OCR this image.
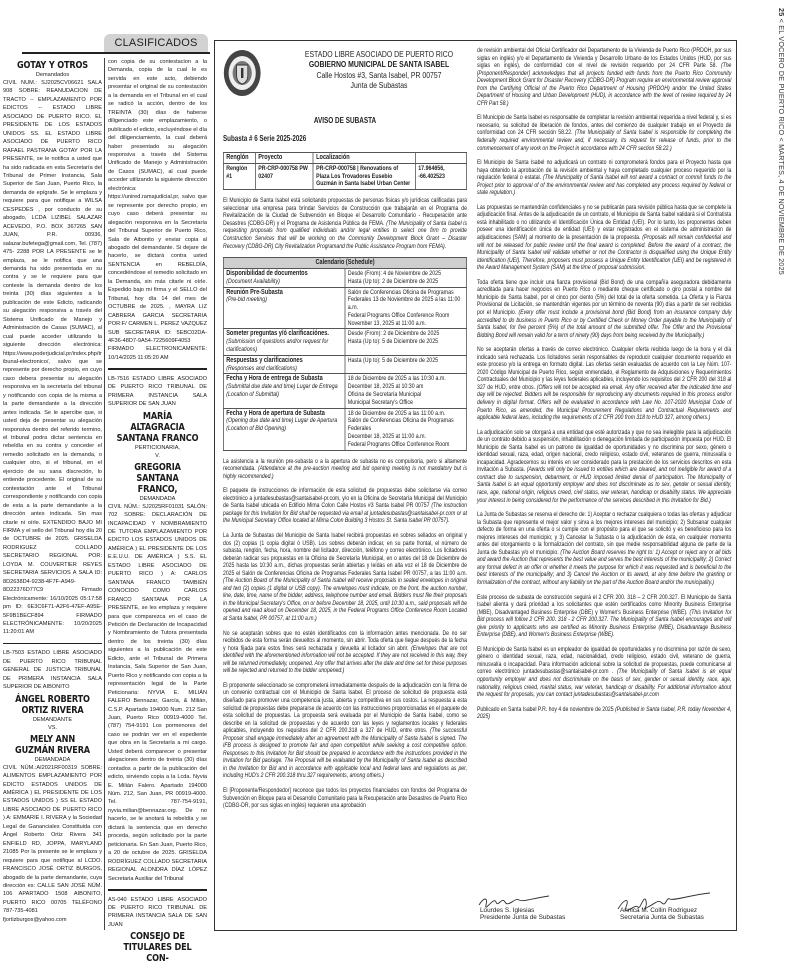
25 < EL VOCERO DE PUERTO RICO < MARTES, 4 DE NOVIEMBRE DE 2025
CLASIFICADOS

GOTAY Y OTROS

Demandados

CIVIL NUM.: SJ2025CV06621 SALA 908 SOBRE: REANUDACION DE TRACTO -- EMPLAZAMIENTO POR EDICTOS -- ESTADO LIBRE ASOCIADO DE PUERTO RICO. EL PRESIDENTE DE LOS ESTADOS UNIDOS SS. EL ESTADO LIBRE ASOCIADO DE PUERTO RICO RAFAEL PASTRANA GOTAY POR LA PRESENTE, se le notifica a usted que ha sido radicada en esta Secretaría del Tribunal de Primer Instancia, Sala Superior de San Juan, Puerto Rico, la demanda de epígrafe. Se le emplaza y requiere para que notifique a WILSA CESPEDES , por conducto de su abogado, LCDA LIZIBEL SALAZAR ACEVEDO, P.O. BOX 367265 SAN JUAN, P.R. 00936, salazar.bufetega@gmail.com, Tel. (787) 475- 2288 POR LA PRESENTE se le emplaza, se le notifica que una demanda ha sido presentada en su contra y se le requiere para que conteste la demanda dentro de los treinta (30) días siguientes a la publicación de este Edicto, radicando su alegación responsiva a través del Sistema Unificado de Manejo y Administración de Casas (SUMAC), al cual puede acceder utilizando la siguiente dirección electrónica: https://www.poderjudicial.pr/index.php/tribunal-electronico/, salvo que se represente por derecho propio, en cuyo caso debera presentar su alegación responsiva en la secretaría del tribunal y notificando con copia de la misma a la parte demandante a la dirección antes indicada. Se le apercibe que, si usted deja de presentar su alegación responsiva dentro del referido termino, el tribunal podra dictar sentencia en rebeldía en su contra y conceder el remedio solicitado en la demanda, o cualquier otro, si el tribunal, en el ejercicio de su sana discreción, lo entiende procedente. El original de su contestación ante el Tribunal correspondiente y notificando con copia de esta a la parte demandante a la dirección antes indicada. Sin mas citarle ni oírle. EXTENDIDO BAJO MI FIRMA y el sello del Tribunal hoy día 20 de OCTUBRE de 2025. GRISELDA RODRIGUEZ COLLADO SECRETARIO REGIONAL POR: LOYDA M. COUVERTIER REYES SECRETARIA SERVICIOS A SALA ID: 8D2638D4-9238-4F7F-A949-8D22376D77C9 Firmado Electrónicamente: 16/10/2025 05:17:58 pm ID: 6E3C6F71-A2F6-47EF-A95E-5F9B1BECF894 FIRMADO ELECTRÓNICAMENTE: 10/20/2025 11:20:01 AM

LB-7503 ESTADO LIBRE ASOCIADO DE PUERTO RICO TRIBUNAL GENERAL DE JUSTICIA TRIBUNAL DE PRIMERA INSTANCIA SALA SUPERIOR DE AIBONITO

ÁNGEL ROBERTO ORTIZ RIVERA

DEMANDANTE

VS.

MELY ANN GUZMÁN RIVERA

DEMANDADA

CIVIL NÚM.:AI2021RF00319 SOBRE: ALIMENTOS EMPLAZAMIENTO POR EDICTO ESTADOS UNIDOS DE AMÉRICA ) EL PRESIDENTE DE LOS ESTADOS UNIDOS ) SS EL ESTADO LIBRE ASOCIADO DE PUERTO RICO ) A: EMMARIE I. RIVERA y la Sociedad Legal de Gananciales Constituida con Ángel Roberto Ortiz Rivera 341 ENFIELD RD, JOPPA, MARYLAND 21085 Por la presente se le emplaza y requiere para que notifique al LCDO. FRANCISCO JOSÉ ORTIZ BURGOS, abogado de la parte demandante, cuya dirección es: CALLE SAN JOSÉ NÚM. 106 APARTADO 1508 AIBONITO, PUERTO RICO 00705 TELÉFONO 787-735-4081 fjortizburgos@yahoo.com

con copia de su contestacion a la Demanda, copia de la cual le es servida en este acto, debiendo presentar el original de su contestación a la demanda en el Tribunal en el cual se radicó la acción, dentro de los TREINTA (30) días de haberse diligenciado este emplazamiento, o publicado el edicto, excluyéndose el día del diligenciamiento, la cual deberá haber presentado su alegación responsiva a través del Sistema Unificado de Manejo y Administración de Casos (SUMAC), al cual puede acceder utilizando la siguiente dirección electrónica: https://unired.ramajudicial.pr, salvo que se represente por derecho propio, en cuyo caso deberá presentar su alegación responsiva en la Secretaría del Tribunal Superior de Puerto Rico, Sala de Aibonito y enviar copia al abogado del demandante. Si dejare de hacerlo, se dictará contra usted SENTENCIA en REBELDÍA, concediéndose el remedio solicitado en la Demanda, sin más citarle ni oírle. Expedido bajo mi firma y el SELLO del Tribunal, hoy día 14 del mes de OCTUBRE de 2025. , MAYRA LIZ CABRERA GARCIA SECRETARIA POR:F/ CARMEN L. PEREZ VAZQUEZ SUB SECRETARIA ID: 5EBC02DA-4F36-48D7-9A54-7225609F4053 FIRMADO ELECTRONICAMENTE: 10/14/2025 11:05:20 AM

LB-7516 ESTADO LIBRE ASOCIADO DE PUERTO RICO TRIBUNAL DE PRIMERA INSTANCIA SALA SUPERIOR DE SAN JUAN

MARÍA ALTAGRACIA SANTANA FRANCO

PERTICIONARIA,

V.

GREGORIA SANTANA FRANCO,

DEMANDADA

CIVIL NÚM.: SJ2025RF01031 SALÓN: 702 SOBRE: DECLARACIÓN DE INCAPACIDAD Y NOMBRAMIENTO DE TUTORA EMPLAZAMIENTO POR EDICTO LOS ESTADOS UNIDOS DE AMÉRICA ) EL PRESIDENTE DE LOS E.E.U.U. DE AMÉRICA ) S.S. EL ESTADO LIBRE ASOCIADO DE PUERTO RICO ) A: CARLOS SANTANA FRANCO TAMBIÉN CONOCIDO COMO CARLOS FRANCO SANTANA POR LA PRESENTE, se les emplaza y requiere para que comparezca en el caso de Petición de Declaración de Incapacidad y Nombramiento de Tutora presentada dentro de los treinta (30) días siguientes a la publicación de este Edicto, ante el Tribunal de Primera Instancia, Sala Superior de San Juan, Puerto Rico y notificando con copia a la representación legal de la Parte Peticionaria: NYVIA E. MILIÁN FALERO Bennazar, García, & Milián, C.S.P. Apartado 194000 Num. 212 San Juan, Puerto Rico 00919-4000 Tel. (787) 754-9191 Los pormenores del caso se podrán ver en el expediente que obra en la Secretaría a mi cargo. Usted deberá comparecer o presentar alegaciones dentro de treinta (30) días contados a partir de la publicación del edicto, sirviendo copia a la Lcda. Nyvia E. Milián Falero. Apartado 194000 Núm. 212, San Juan, PR 00919-4000. Tel. 787-754-9191, nyvia.milian@bennazar.org. De no hacerlo, se le anotará la rebeldía y se dictará la sentencia que en derecho proceda, según solicitado por la parte peticionaria. En San Juan, Puerto Rico, a 20 de octubre de 2025. GRISELDA RODRÍGUEZ COLLADO SECRETARIA REGIONAL ALONDRA DÍAZ LÓPEZ Secretaria Auxiliar del Tribunal

AS-040 ESTADO LIBRE ASOCIADO DE PUERTO RICO TRIBUNAL DE PRIMERA INSTANCIA SALA DE SAN JUAN

CONSEJO DE TITULARES DEL CON-

ESTADO LIBRE ASOCIADO DE PUERTO RICO
GOBIERNO MUNICIPAL DE SANTA ISABEL
Calle Hostos #3, Santa Isabel, PR 00757
Junta de Subastas
AVISO DE SUBASTA
Subasta # 6 Serie 2025-2026
Renglón	Proyecto	Localización	
Renglón #1	PR-CRP-000758 PW 02407	PR-CRP-000758 | Renovations of Plaza Los Trovadores Eusebio Guzmán in Santa Isabel Urban Center	17.964656, -66.402523

El Municipio de Santa Isabel está solicitando propuestas de personas físicas y/o jurídicas calificadas para seleccionar una empresa para brindar Servicios de Construcción que trabajarán en el Programa de Revitalización de la Ciudad de Subvención en Bloque el Desarrollo Comunitario - Recuperación ante Desastres (CDBG-DR) y el Programa de Asistencia Pública de FEMA. (The Municipality of Santa Isabel is requesting proposals from qualified individuals and/or legal entities to select one firm to provide Construction Services that will be working on the Community Development Block Grant – Disaster Recovery (CDBG-DR) City Revitalization Programand the Public Assistance Program from FEMA).

Calendario (Schedule)	

Disponibilidad de documentos
(Document Availability)	Desde (From): 4 de Noviembre de 2025
Hasta (Up to): 2 de Diciembre de 2025

Reunión Pre-Subasta
(Pre-bid meeting)	Salón de Conferencias Oficina de Programas Federales 13 de Noviembre de 2025 a las 11:00 a.m.
Federal Programs Office Conference Room November 13, 2025 at 11:00 a.m.

Someter preguntas y/ó clarificaciónes.
(Submission of questions and/or request for clarifications)	Desde (From): 2 de Diciembre de 2025
Hasta (Up to): 5 de Diciembre de 2025

Respuestas y clarificaciones
(Responses and clarifications)	Hasta (Up to): 5 de Diciembre de 2025

Fecha y Hora de entrega de Subasta
(Submittal due date and time) Lugar de Entrega (Location of Submittal)	18 de Diciembre de 2025 a las 10:30 a.m.
December 18, 2025 at 10:30 am
Oficina de Secretaría Municipal
Municipal Secretary's Office

Fecha y Hora de apertura de Subasta
(Opening due date and time) Lugar de Apertura (Location of Bid Opening)	18 de Diciembre de 2025 a las 11:00 a.m.
Salón de Conferencias Oficina de Programas Federales
December 18, 2025 at 11:00 a.m.
Federal Programs Office Conference Room

La asistencia a la reunión pre-subasta o a la apertura de subasta no es compulsoria, pero si altamente recomendada. (Attendance at the pre-auction meeting and bid opening meeting is not mandatory but is highly recommended.)

El paquete de instrucciones de información de esta solicitud de propuestas debe solicitarse vía correo electrónico a juntadesubastas@santaisabel-pr.com, y/o en la Oficina de Secretaría Municipal del Municipio de Santa Isabel ubicada en Edificio Mima Colon Calle Hostos #3 Santa Isabel PR 00757 (The instruction package for this Invitation for Bid shall be requested via email at juntadesubastas@santaisabel-pr.com or at the Municipal Secretary Office located at Mima Colon Building 3 Hostos St. Santa Isabel PR 00757).

La Junta de Subastas del Municipio de Santa Isabel recibirá propuestas en sobres sellados en original y dos (2) copias (1 copia digital ó USB). Los sobres deberán indicar, en su parte frontal, el número de subasta, renglón, fecha, hora, nombre del licitador, dirección, teléfono y correo electrónico. Los licitadores deberán radicar sus propuestas en la Oficina de Secretaría Municipal, en o antes del 18 de Diciembre de 2025 hasta las 10:30 a.m., dichas propuestas serán abiertas y leídas en alta voz el 18 de Diciembre de 2025 el Salón de Conferencias Oficina de Programas Federales Santa Isabel PR 00757, a las 11:00 a.m. (The Auction Board of the Municipality of Santa Isabel will receive proposals in sealed envelopes in original and two (2) copies (1 digital or USB copy). The envelopes must indicate, on the front, the auction number, line, date, time, name of the bidder, address, telephone number and email. Bidders must file their proposals in the Municipal Secretary's Office, on or before December 18, 2025, until 10:30 a.m., said proposals will be opened and read aloud on December 18, 2025, in the Federal Programs Office Conference Room Located at Santa Isabel, PR 00757, at 11:00 a.m.)

No se aceptarán sobres que no estén identificados con la información antes mencionada. De no ser recibidos de esta forma serán devueltos al momento, sin abrir. Toda oferta que llegue después de la fecha y hora fijada para estos fines será rechazada y devuelta al licitador sin abrir. (Envelopes that are not identified with the aforementioned information will not be accepted. If they are not received in this way, they will be returned immediately, unopened. Any offer that arrives after the date and time set for these purposes will be rejected and returned to the bidder unopened.)

El proponente seleccionado se comprometerá inmediatamente después de la adjudicación con la firma de un convenio contractual con el Municipio de Santa Isabel. El proceso de solicitud de propuesta está diseñado para promover una competencia justa, abierta y competitiva en sus costos. La respuesta a esta solicitud de propuestas debe prepararse de acuerdo con las instrucciones proporcionadas en el paquete de esta solicitud de propuestas. La propuesta será evaluada por el Municipio de Santa Isabel, como se describe en la solicitud de propuestas y de acuerdo con las leyes y reglamentos locales y federales aplicables, incluyendo los requisitos del 2 CFR 200.318 a 327 de HUD, entre otros. (The successful Proposer shall engage immediately after an agreement with the Municipality of Santa Isabel is signed. The IFB process is designed to promote fair and open competition while seeking a cost competitive option. Responses to this Invitation for Bid should be prepared in accordance with the instructions provided in the Invitation for Bid package. The Proposal will be evaluated by the Municipality of Santa Isabel as described in the Invitation for Bid and in accordance with applicable local and federal laws and regulations as per, including HUD's 2 CFR 200.318 thru.327 requirements, among others.)

El [Proponente/Respondedor] reconoce que todos los proyectos financiados con fondos del Programa de Subvención en Bloque para el Desarrollo Comunitario para la Recuperación ante Desastres de Puerto Rico (CDBG-DR, por sus siglas en inglés) requieren una aprobación

de revisión ambiental del Oficial Certificador del Departamento de la Vivienda de Puerto Rico (PRDOH, por sus siglas en inglés) y/o el Departamento de Vivienda y Desarrollo Urbano de los Estados Unidos (HUD, por sus siglas en inglés), de conformidad con el nivel de revisión requerido por 24 CFR Parte 58. (The [Proponent/Responder] acknowledges that all projects funded with funds from the Puerto Rico Community Development Block Grant for Disaster Recovery (CDBG-DR) Program require an environmental review approval from the Certifying Official of the Puerto Rico Department of Housing (PRDOH) and/or the United States Department of Housing and Urban Development (HUD), in accordance with the level of review required by 24 CFR Part 58.)

El Municipio de Santa Isabel es responsable de completar la revisión ambiental requerida a nivel federal y, si es necesario, su solicitud de liberación de fondos, antes del comienzo de cualquier trabajo en el Proyecto de conformidad con 24 CFR sección 58.22. (The Municipality of Santa Isabel is responsible for completing the federally required environmental review and, if necessary, its request for release of funds, prior to the commencement of any work on the Project in accordance with 24 CFR section 58.22.)

El Municipio de Santa Isabel no adjudicará un contrato ni comprometerá fondos para el Proyecto hasta que haya obtenido la aprobación de la revisión ambiental y haya completado cualquier proceso requerido por la regulación federal o estatal. (The Municipality of Santa Isabel will not award a contract or commit funds to the Project prior to approval of of the environmental review and has completed any process required by federal or state regulation.)

Las propuestas se mantendrán confidenciales y no se publicarán para revisión pública hasta que se complete la adjudicación final. Antes de la adjudicación de un contrato, el Municipio de Santa Isabel validará si el Contratista está inhabilitado o no utilizando el Identificación Única de Entidad (UEI). Por lo tanto, los proponentes deben poseer una identificación única de entidad (UEI) y estar registrados en el sistema de administración de adjudicaciones (SAM) al momento de la presentación de la propuesta. (Proposals will remain confidential and will not be released for public review until the final award is completed. Before the award of a contract, the Municipality of Santa Isabel will validate whether or not the Contractor is disqualified using the Unique Entity Identification (UEI). Therefore, proposers must possess a Unique Entity Identification (UEI) and be registered in the Award Management System (SAM) at the time of proposal submission.

Toda oferta tiene que incluir una fianza provisional (Bid Bond) de una compañía aseguradora debidamente acreditada para hacer negocios en Puerto Rico o mediante cheque certificado o giro postal a nombre del Municipio de Santa Isabel, por el cinco por ciento (5%) del total de la oferta sometida. La Oferta y la Fianza Provisional de Licitación, se mantendrán vigentes por un término de noventa (90) días a partir de ser recibidas por el Municipio. (Every offer must include a provisional bond (Bid Bond) from an insurance company duly accredited to do business in Puerto Rico or by Certified Check or Money Order payable to the Municipality of Santa Isabel, for five percent (5%) of the total amount of the submitted offer. The Offer and the Provisional Bidding Bond will remain valid for a term of ninety (90) days from being received by the Municipality.)

No se aceptarán ofertas a través de correo electrónico. Cualquier oferta recibida luego de la hora y el día indicado será rechazada. Los licitadores serán responsables de reproducir cualquier documento requerido en este proceso y/o la entrega en formato digital. Las ofertas serán evaluadas de acuerdo con la Ley Núm. 107-2020 Código Municipal de Puerto Rico, según enmendado, el Reglamento de Adquisiciones y Requerimientos Contractuales del Municipio y las leyes federales aplicables, incluyendo los requisitos del 2 CFR 200 del 318 al 327 de HUD, entre otros. (Offers will not be accepted via email. Any offer received after the indicated time and day will be rejected. Bidders will be responsible for reproducing any documents required in this process and/or delivery in digital format. Offers will be evaluated in accordance with Law No. 107-2020 Municipal Code of Puerto Rico, as amended, the Municipal Procurement Regulations and Contractual Requirements and applicable federal laws, including the requirements of 2 CFR 200 from 318 to HUD 327, among others.)

La adjudicación solo se otorgará a una entidad que esté autorizada y que no sea inelegible para la adjudicación de un contrato debido a suspensión, inhabilitación o denegación limitada de participación impuesta por HUD. El Municipio de Santa Isabel es un patrono de igualdad de oportunidades y no discrimina por sexo, género o identidad sexual, raza, edad, origen nacional, credo religioso, estado civil, veteranos de guerra, minusvalía o incapacidad. Agradecemos su interés en ser considerado para la prestación de los servicios descritos en esta Invitación a Subasta. (Awards will only be issued to entities which are cleared, and not ineligible for award of a contract due to suspension, debarment, or HUD imposed limited denial of participation. The Municipality of Santa Isabel is an equal opportunity employer and does not discriminate as to sex, gender or sexual identity, race, age, national origin, religious creed, civil status, war veteran, handicap or disability status. We appreciate your interest in being considered for the performance of the services described in this Invitation for Bid.)

La Junta de Subastas se reserva el derecho de: 1) Aceptar o rechazar cualquiera o todas las ofertas y adjudicar la Subasta que represente el mejor valor y sirva a los mejores intereses del municipio; 2) Subsanar cualquier defecto de forma en una oferta o si cumple con el propósito para el que se solicitó y es beneficioso para los mejores intereses del municipio; y 3) Cancelar la Subasta o la adjudicación de ésta, en cualquier momento antes del otorgamiento o la formalización del contrato, sin que medie responsabilidad alguna de parte de la Junta de Subastas y/o el municipio. (The Auction Board reserves the right to: 1) Accept or reject any or all bids and award the Auction that represents the best value and serves the best interests of the municipality; 2) Correct any formal defect in an offer or whether it meets the purpose for which it was requested and is beneficial to the best interests of the municipality; and 3) Cancel the Auction or its award, at any time before the granting or formalization of the contract, without any liability on the part of the Auction Board and/or the municipality.)

Este proceso de subasta de construcción seguirá el 2 CFR 200. 318 – 2 CFR 200.327. El Municipio de Santa Isabel alienta y dará prioridad a los solicitantes que estén certificados como Minority Business Enterprise (MBE), Disadvantaged Business Enterprise (DBE) y Women's Business Enterprise (WBE). (This Invitation for Bid process will follow 2 CFR 200. 318 - 2 CFR 200.327. The Municipality of Santa Isabel encourages and will give priority to applicants who are certified as Minority Business Enterprise (MBE), Disadvantage Business Enterprise (DBE), and Women's Business Enterprise (WBE).

El Municipio de Santa Isabel es un empleador de igualdad de oportunidades y no discrimina por razón de sexo, género o identidad sexual, raza, edad, nacionalidad, credo religioso, estado civil, veterano de guerra, minusvalía o incapacidad. Para información adicional sobre la solicitud de propuestas, puede comunicarse al correo electrónico juntadesubastas@santaisabel-pr.com . (The Municipality of Santa Isabel is an equal opportunity employer and does not discriminate on the basis of sex, gender or sexual identity, race, age, nationality, religious creed, marital status, war veteran, handicap or disability. For additional information about the request for proposals, you can contact juntadesubastas@santaisabel-pr.com

Publicado en Santa Isabel P.R. hoy 4 de noviembre de 2025 (Published in Santa Isabel, P.R. today November 4, 2025)

Lourdes S. Iglesias
Presidente Junta de Subastas
Annica M. Collin Rodriguez
Secretaria Junta de Subastas
